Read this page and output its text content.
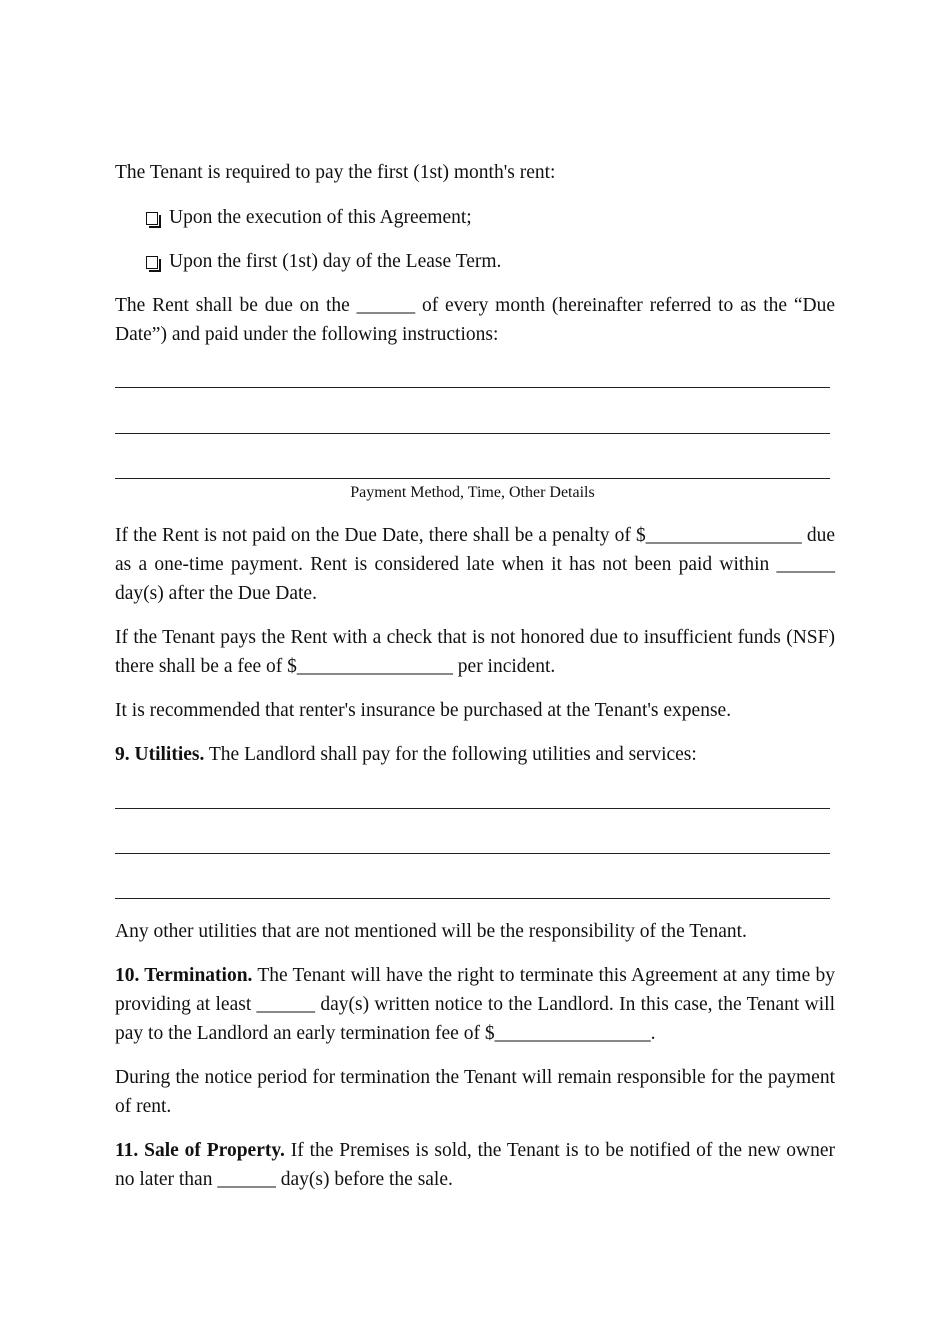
The Tenant is required to pay the first (1st) month's rent:

Upon the execution of this Agreement;
Upon the first (1st) day of the Lease Term.

The Rent shall be due on the ______ of every month (hereinafter referred to as the “Due Date”) and paid under the following instructions:

Payment Method, Time, Other Details

If the Rent is not paid on the Due Date, there shall be a penalty of $________________ due as a one-time payment. Rent is considered late when it has not been paid within ______ day(s) after the Due Date.

If the Tenant pays the Rent with a check that is not honored due to insufficient funds (NSF) there shall be a fee of $________________ per incident.

It is recommended that renter's insurance be purchased at the Tenant's expense.

9. Utilities. The Landlord shall pay for the following utilities and services:

Any other utilities that are not mentioned will be the responsibility of the Tenant.

10. Termination. The Tenant will have the right to terminate this Agreement at any time by providing at least ______ day(s) written notice to the Landlord. In this case, the Tenant will pay to the Landlord an early termination fee of $________________.

During the notice period for termination the Tenant will remain responsible for the payment of rent.

11. Sale of Property. If the Premises is sold, the Tenant is to be notified of the new owner no later than ______ day(s) before the sale.
